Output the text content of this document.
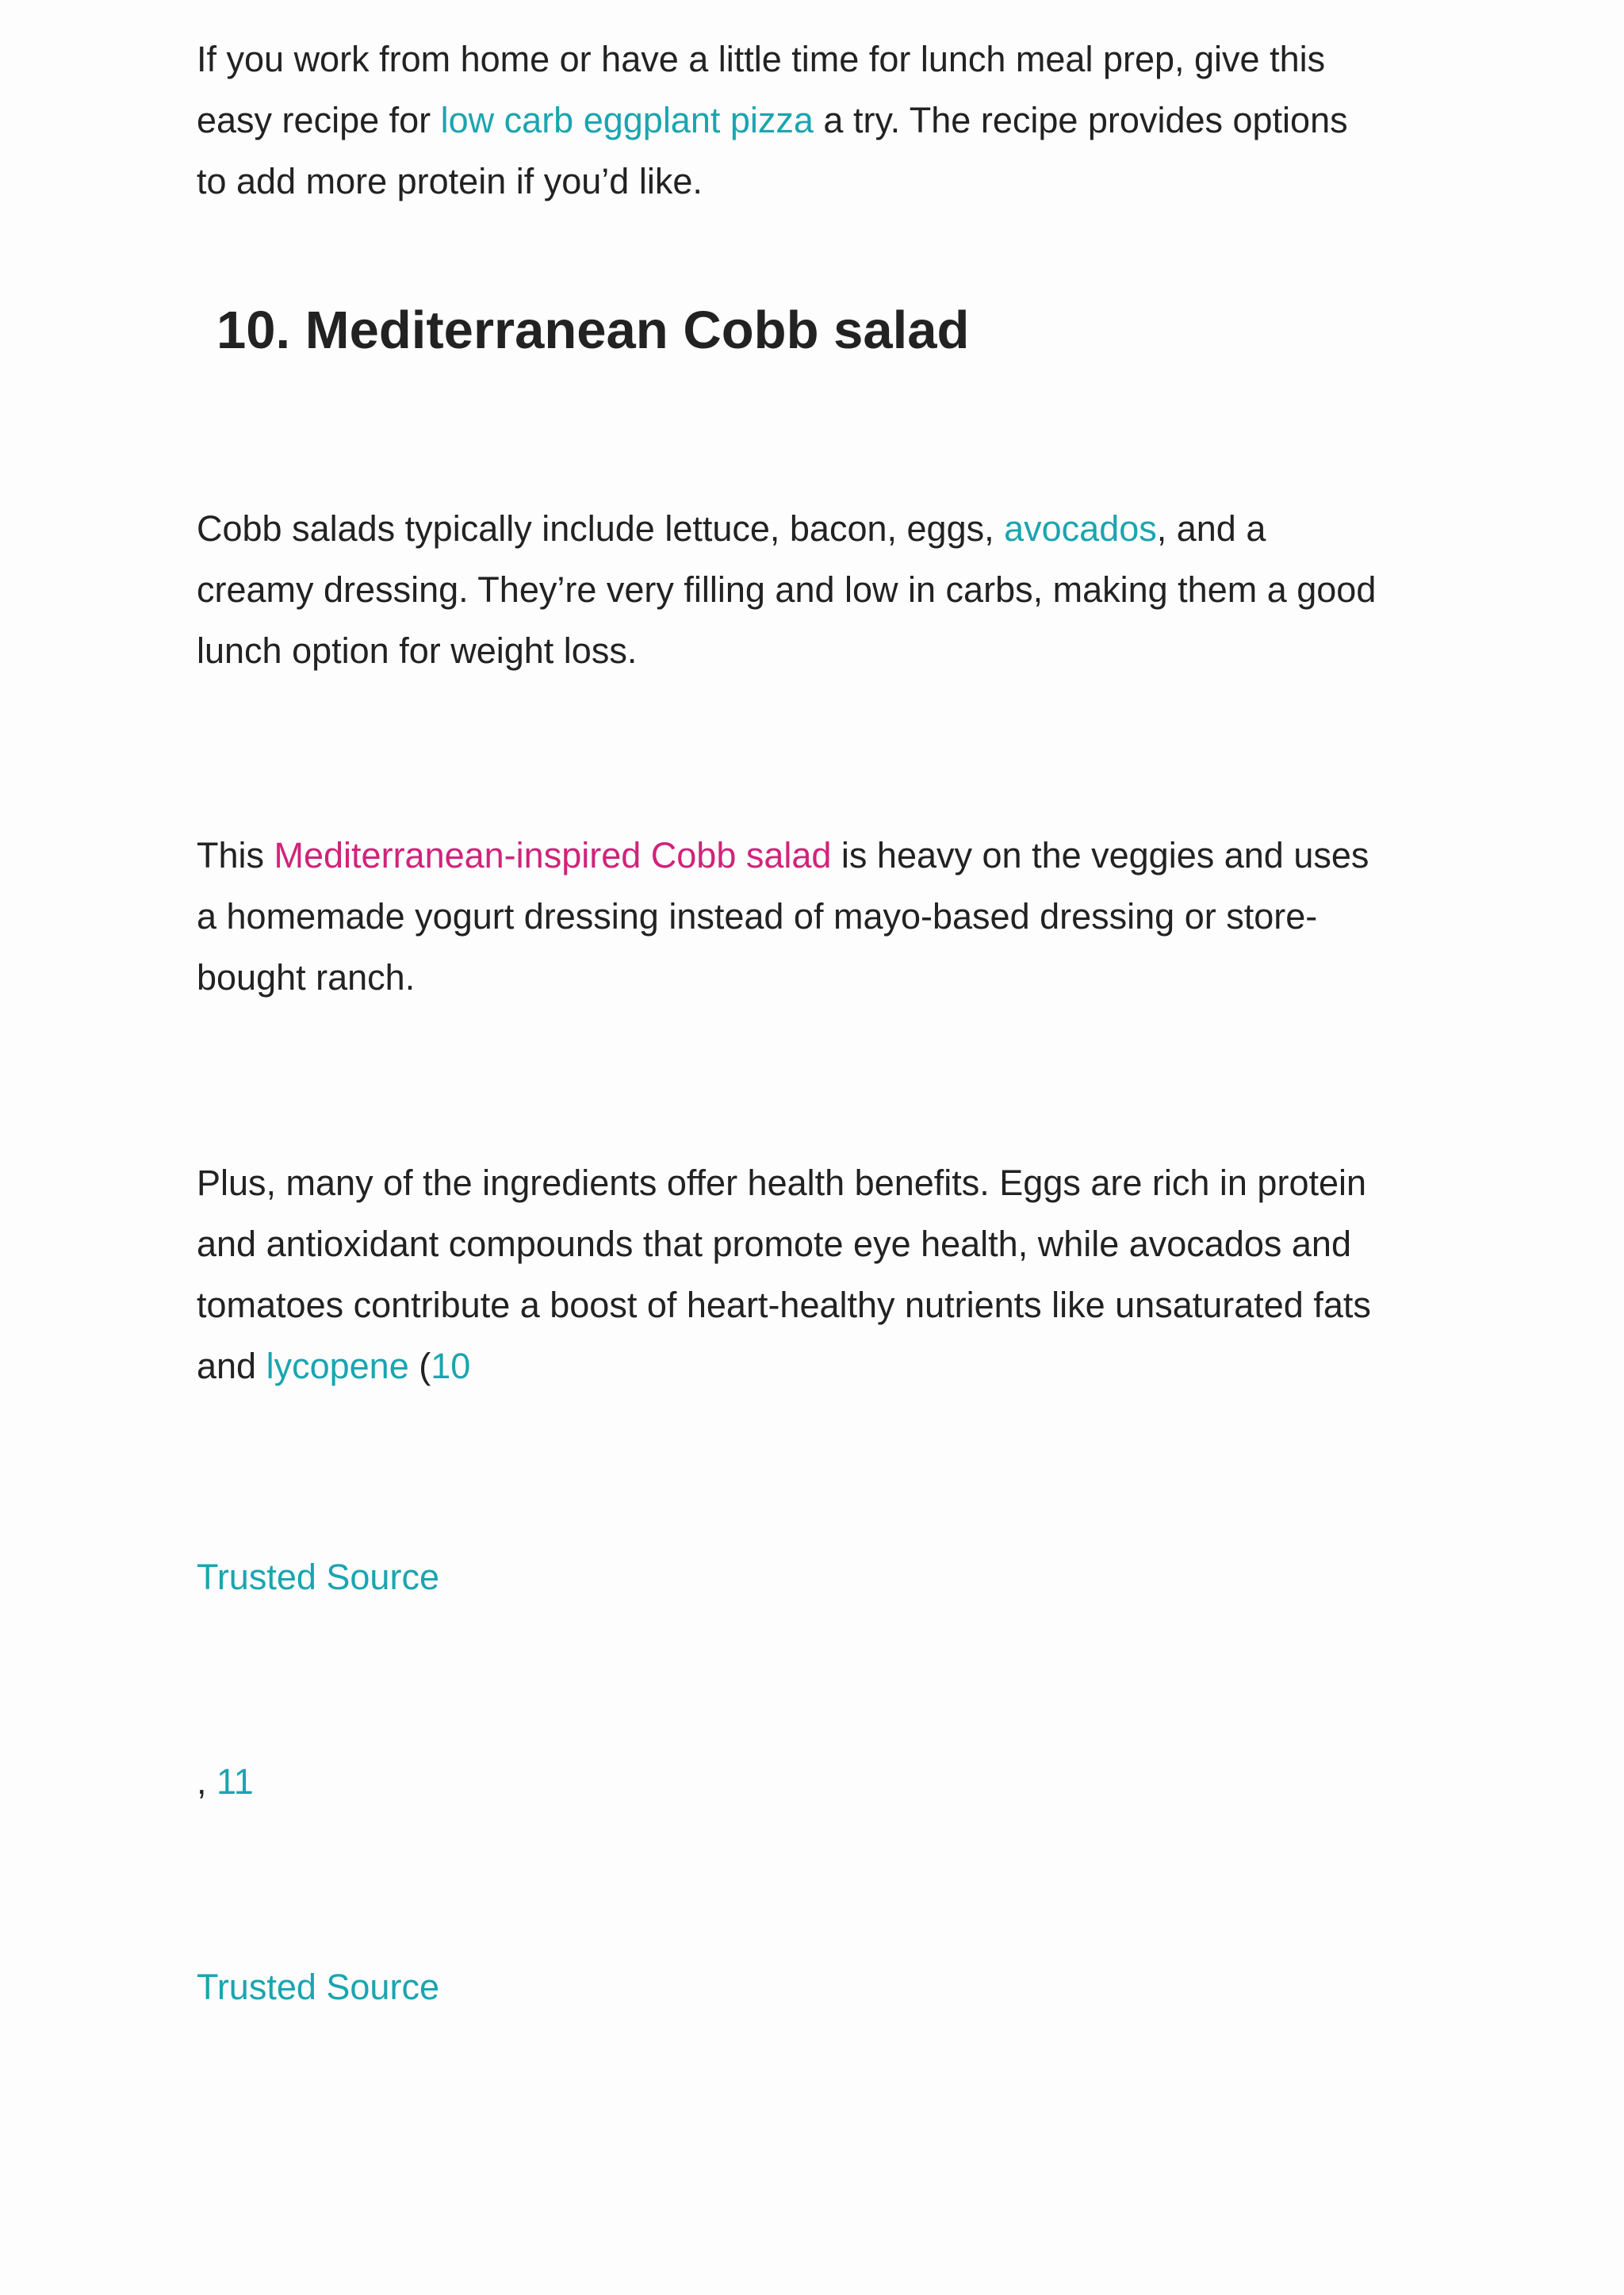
If you work from home or have a little time for lunch meal prep, give this
easy recipe for low carb eggplant pizza a try. The recipe provides options
to add more protein if you’d like.

10. Mediterranean Cobb salad

Cobb salads typically include lettuce, bacon, eggs, avocados, and a
creamy dressing. They’re very filling and low in carbs, making them a good
lunch option for weight loss.

This Mediterranean-inspired Cobb salad is heavy on the veggies and uses
a homemade yogurt dressing instead of mayo-based dressing or store-
bought ranch.

Plus, many of the ingredients offer health benefits. Eggs are rich in protein
and antioxidant compounds that promote eye health, while avocados and
tomatoes contribute a boost of heart-healthy nutrients like unsaturated fats
and lycopene (10

Trusted Source

, 11

Trusted Source
